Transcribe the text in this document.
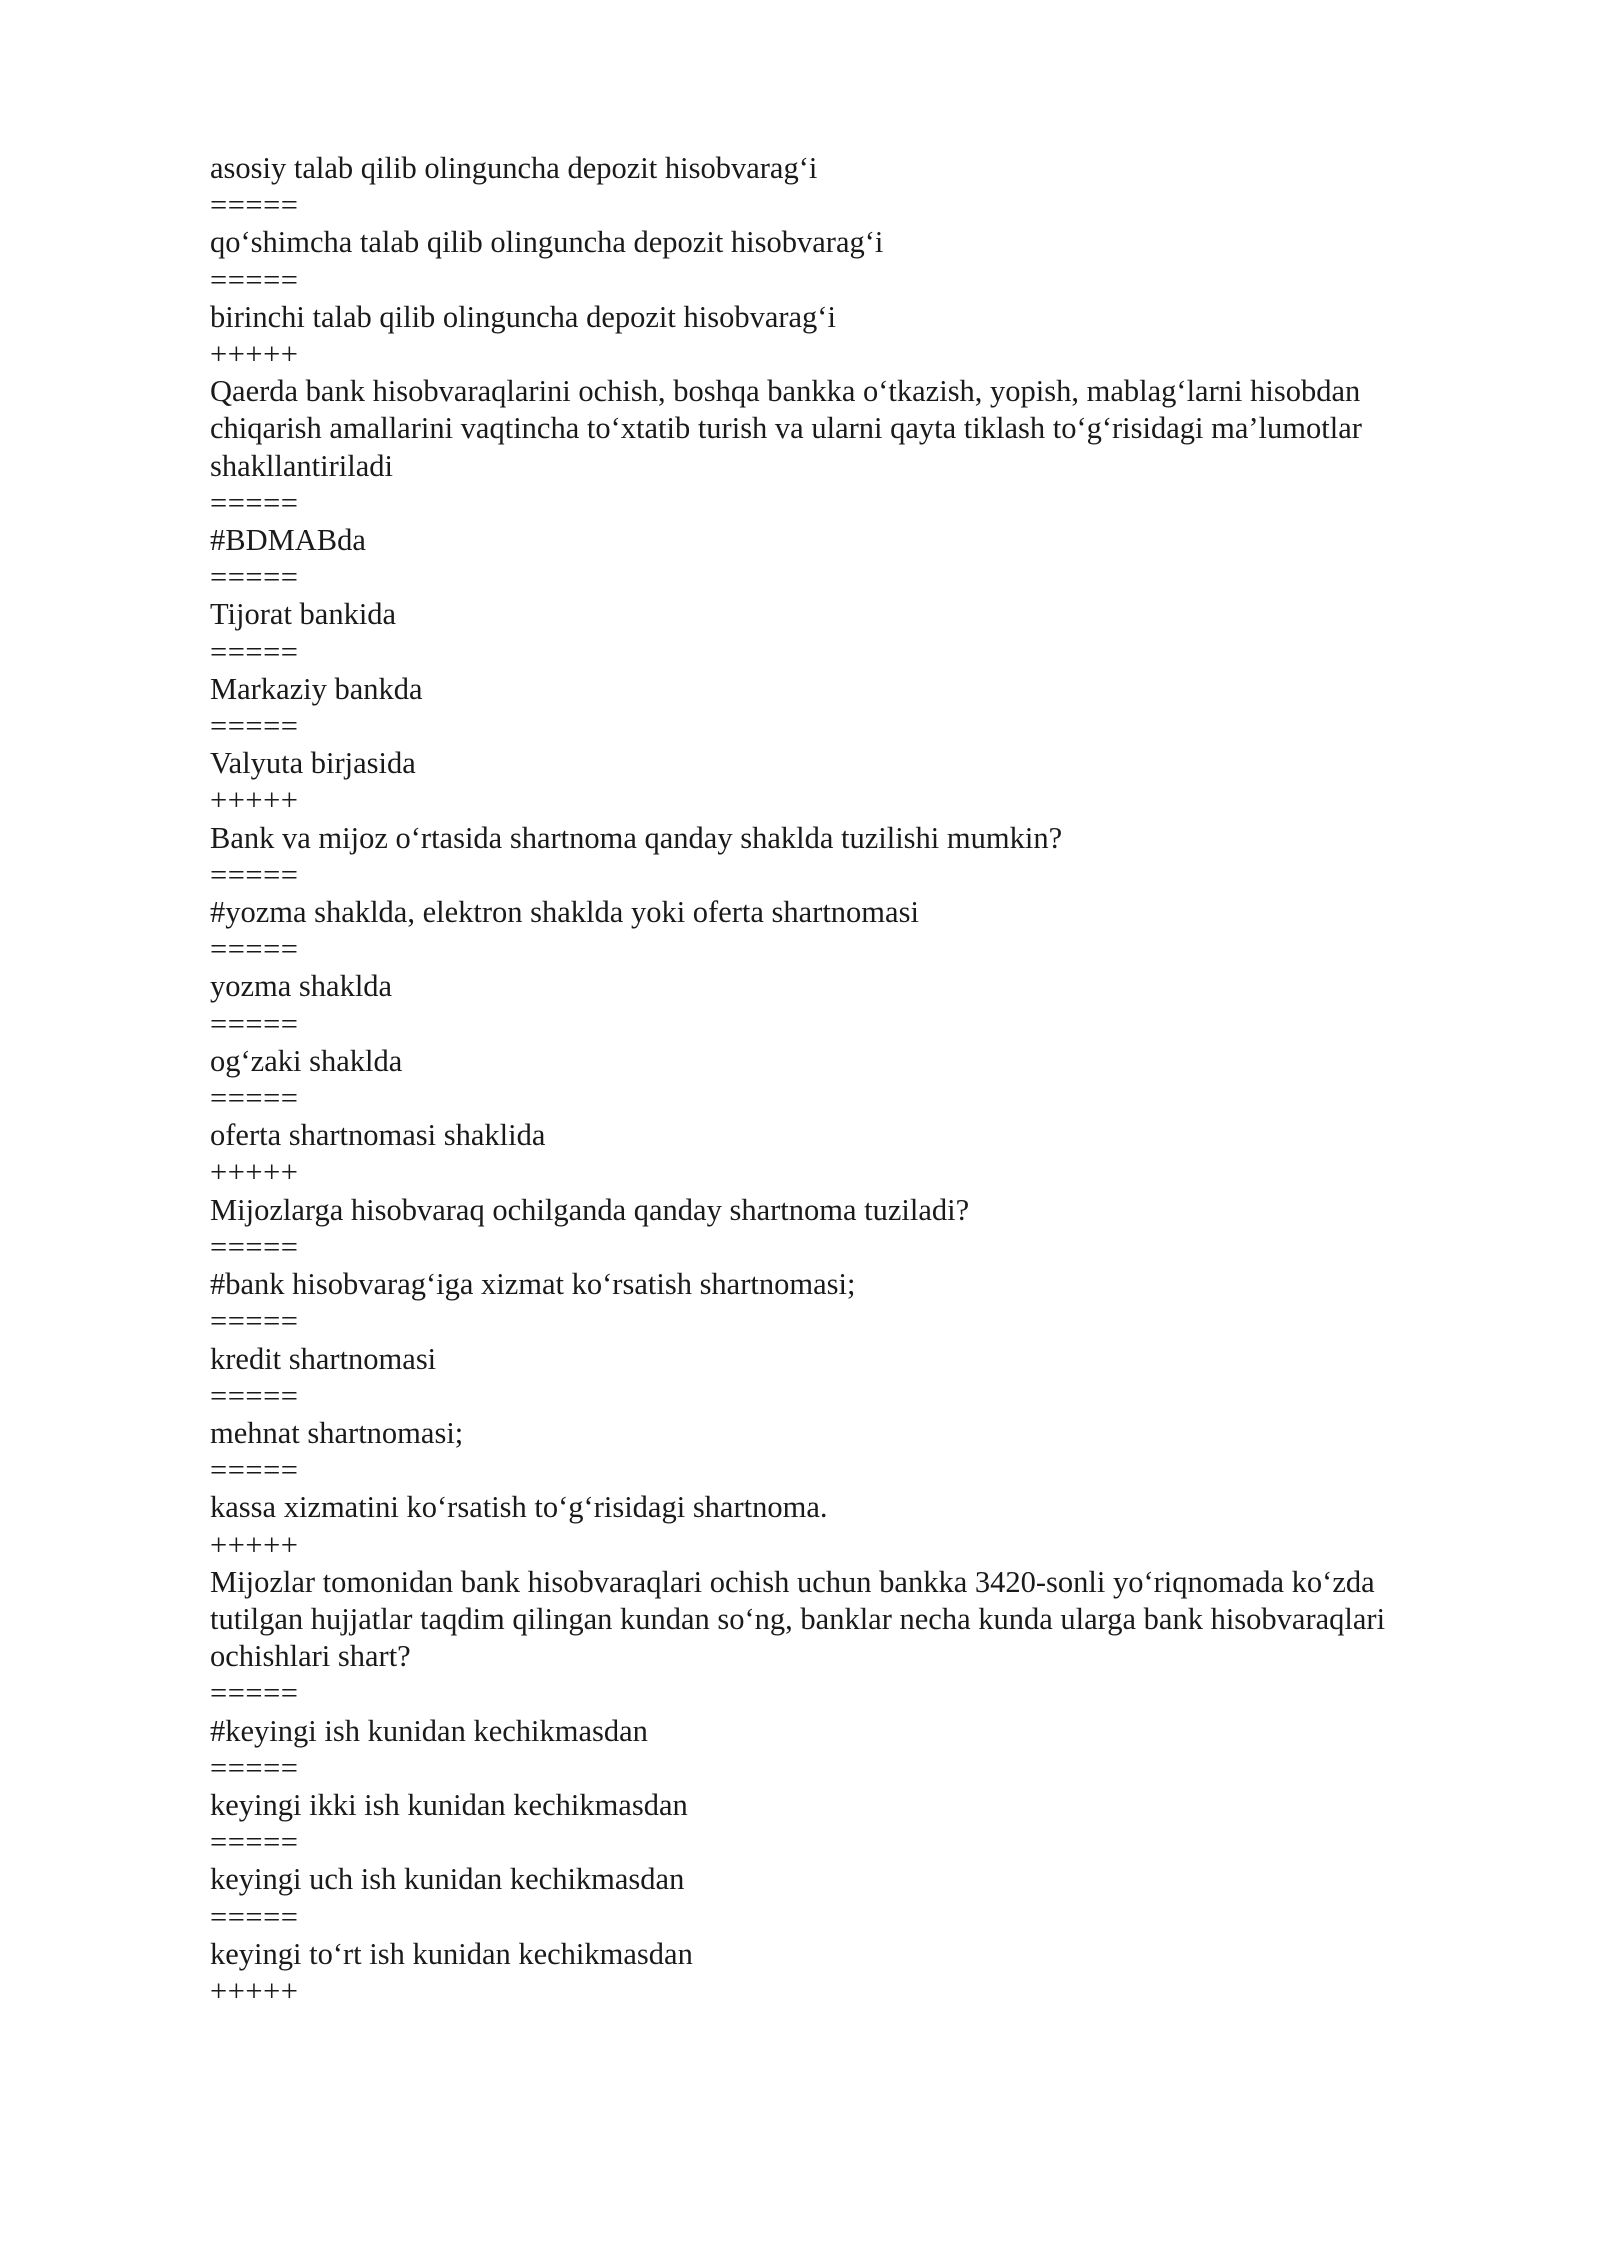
asosiy talab qilib olinguncha depozit hisobvarag‘i

=====

qo‘shimcha talab qilib olinguncha depozit hisobvarag‘i

=====

birinchi talab qilib olinguncha depozit hisobvarag‘i

+++++

Qaerda bank hisobvaraqlarini ochish, boshqa bankka o‘tkazish, yopish, mablag‘larni hisobdan chiqarish amallarini vaqtincha to‘xtatib turish va ularni qayta tiklash to‘g‘risidagi ma’lumotlar shakllantiriladi

=====

#BDMABda

=====

Tijorat bankida

=====

Markaziy bankda

=====

Valyuta birjasida

+++++

Bank va mijoz o‘rtasida shartnoma qanday shaklda tuzilishi mumkin?

=====

#yozma shaklda, elektron shaklda yoki oferta shartnomasi

=====

yozma shaklda

=====

og‘zaki shaklda

=====

oferta shartnomasi shaklida

+++++

Mijozlarga hisobvaraq ochilganda qanday shartnoma tuziladi?

=====

#bank hisobvarag‘iga xizmat ko‘rsatish shartnomasi;

=====

kredit shartnomasi

=====

mehnat shartnomasi;

=====

kassa xizmatini ko‘rsatish to‘g‘risidagi shartnoma.

+++++

Mijozlar tomonidan bank hisobvaraqlari ochish uchun bankka 3420-sonli yo‘riqnomada ko‘zda tutilgan hujjatlar taqdim qilingan kundan so‘ng, banklar necha kunda ularga bank hisobvaraqlari ochishlari shart?

=====

#keyingi ish kunidan kechikmasdan

=====

keyingi ikki ish kunidan kechikmasdan

=====

keyingi uch ish kunidan kechikmasdan

=====

keyingi to‘rt ish kunidan kechikmasdan

+++++
